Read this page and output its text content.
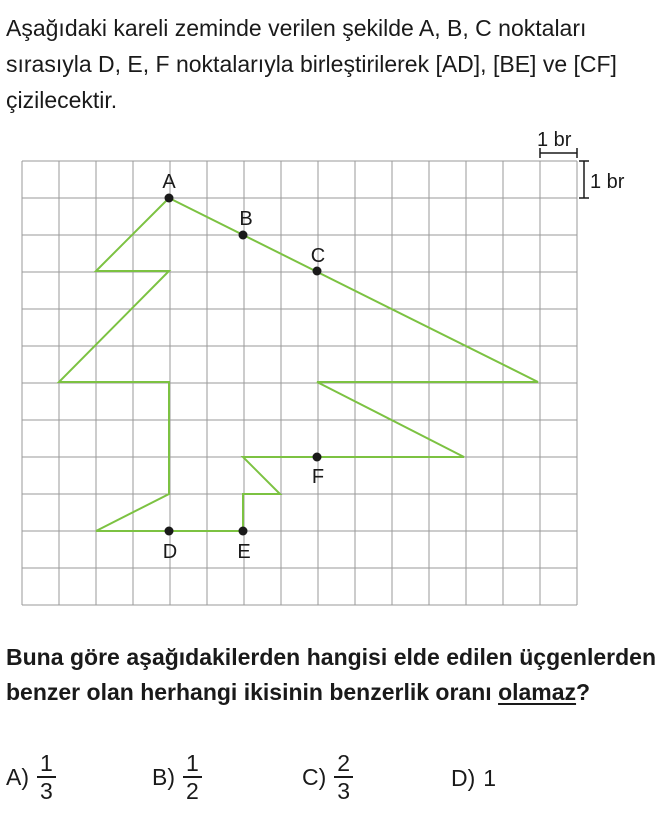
Aşağıdaki kareli zeminde verilen şekilde A, B, C noktaları sırasıyla D, E, F noktalarıyla birleştirilerek [AD], [BE] ve [CF] çizilecektir.

1 br
1 br
A
B
C
D	E
F

Buna göre aşağıdakilerden hangisi elde edilen üçgenlerden benzer olan herhangi ikisinin benzerlik oranı olamaz?

$A) \frac{1}{3}$	$B) \frac{1}{2}$	$C) \frac{2}{3}$	D) 1
